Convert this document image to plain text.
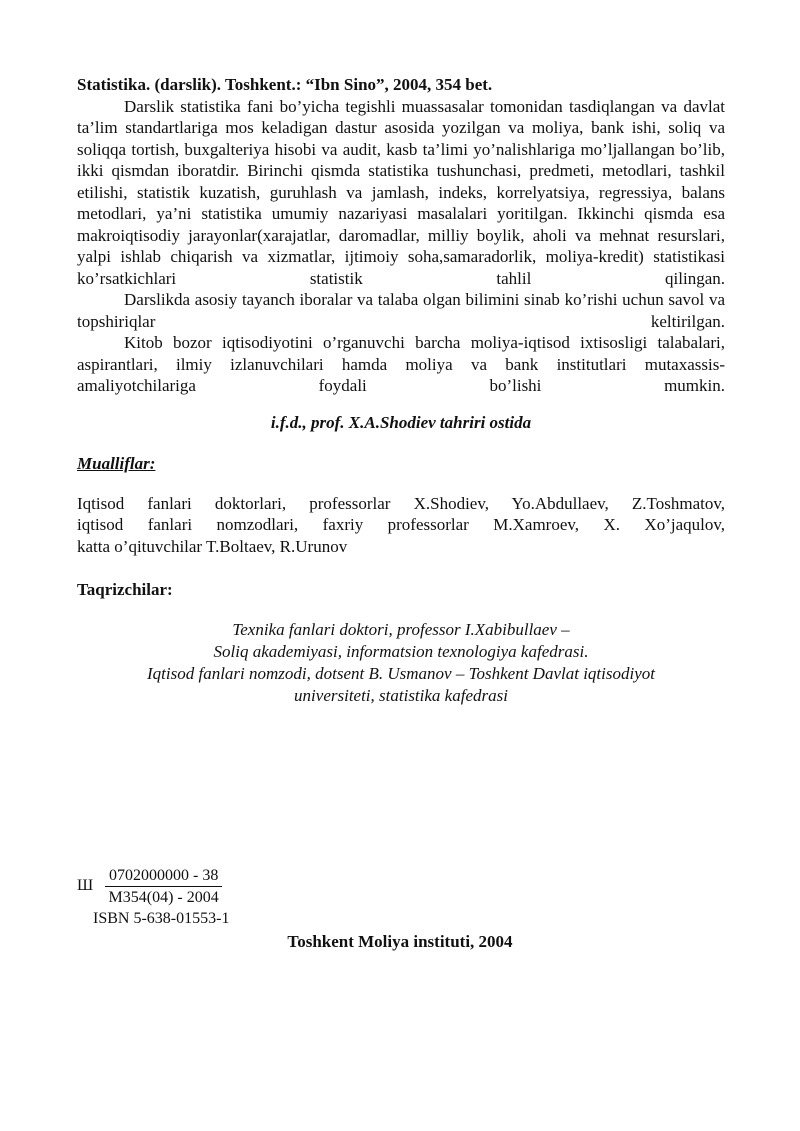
Statistika. (darslik). Toshkent.: “Ibn Sino”, 2004, 354 bet.

Darslik statistika fani bo’yicha tegishli muassasalar tomonidan tasdiqlangan va davlat ta’lim standartlariga mos keladigan dastur asosida yozilgan va moliya, bank ishi, soliq va soliqqa tortish, buxgalteriya hisobi va audit, kasb ta’limi yo’nalishlariga mo’ljallangan bo’lib, ikki qismdan iboratdir. Birinchi qismda statistika tushunchasi, predmeti, metodlari, tashkil etilishi, statistik kuzatish, guruhlash va jamlash, indeks, korrelyatsiya, regressiya, balans metodlari, ya’ni statistika umumiy nazariyasi masalalari yoritilgan. Ikkinchi qismda esa makroiqtisodiy jarayonlar(xarajatlar, daromadlar, milliy boylik, aholi va mehnat resurslari, yalpi ishlab chiqarish va xizmatlar, ijtimoiy soha,samaradorlik, moliya-kredit) statistikasi ko’rsatkichlari statistik tahlil qilingan.

Darslikda asosiy tayanch iboralar va talaba olgan bilimini sinab ko’rishi uchun savol va topshiriqlar keltirilgan.

Kitob bozor iqtisodiyotini o’rganuvchi barcha moliya-iqtisod ixtisosligi talabalari, aspirantlari, ilmiy izlanuvchilari hamda moliya va bank institutlari mutaxassis-amaliyotchilariga foydali bo’lishi mumkin.

i.f.d., prof. X.A.Shodiev tahriri ostida
Mualliflar:
Iqtisod fanlari doktorlari, professorlar X.Shodiev, Yo.Abdullaev, Z.Toshmatov,
iqtisod fanlari nomzodlari, faxriy professorlar M.Xamroev, X. Xo’jaqulov,
katta o’qituvchilar T.Boltaev, R.Urunov
Taqrizchilar:
Texnika fanlari doktori, professor I.Xabibullaev –
Soliq akademiyasi, informatsion texnologiya kafedrasi.
Iqtisod fanlari nomzodi, dotsent B. Usmanov – Toshkent Davlat iqtisodiyot
universiteti, statistika kafedrasi
Ш $\frac{0702000000 - 38}{M354(04) - 2004}$
ISBN 5-638-01553-1
Toshkent Moliya instituti, 2004
